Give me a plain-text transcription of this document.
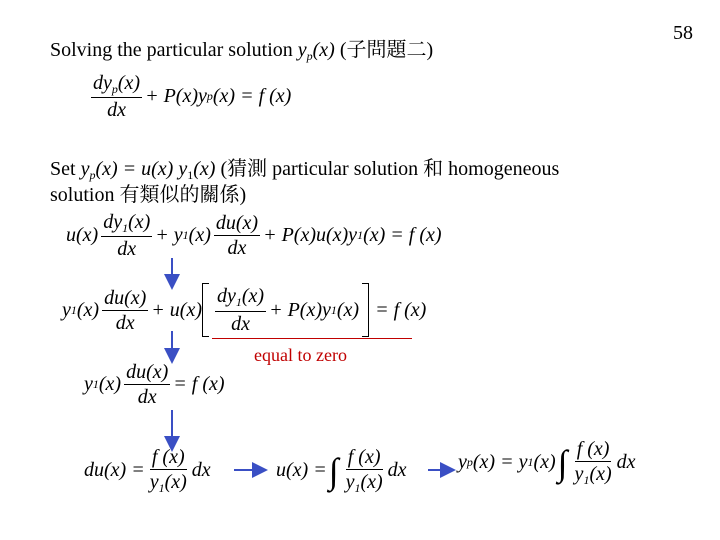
58
Solving the particular solution $y_p(x)$ (子問題二)
$\frac{dy_p(x)}{dx} + P(x)y$ p (x) = f (x)
Set $y_p(x) = u(x)$ $y_1(x)$ (猜測 particular solution 和 homogeneous
solution 有類似的關係)
$u(x) \frac{dy_1(x)}{dx} + y$ 1 $(x) \frac{du(x)}{dx} + P(x)u(x)y$ 1 (x) = f (x)
y 1 $(x) \frac{du(x)}{dx} + u(x) \frac{dy_1(x)}{dx} + P(x)y$ 1 (x) = f (x)
equal to zero
y 1 $(x) \frac{du(x)}{dx} = f$ (x)
$du(x) = \frac{f (x)}{y_1(x)}$ dx	u(x) = ∫ $\frac{f (x)}{y_1(x)}$ dx	y p (x) = y 1 (x) ∫ $\frac{f (x)}{y_1(x)}$ dx
